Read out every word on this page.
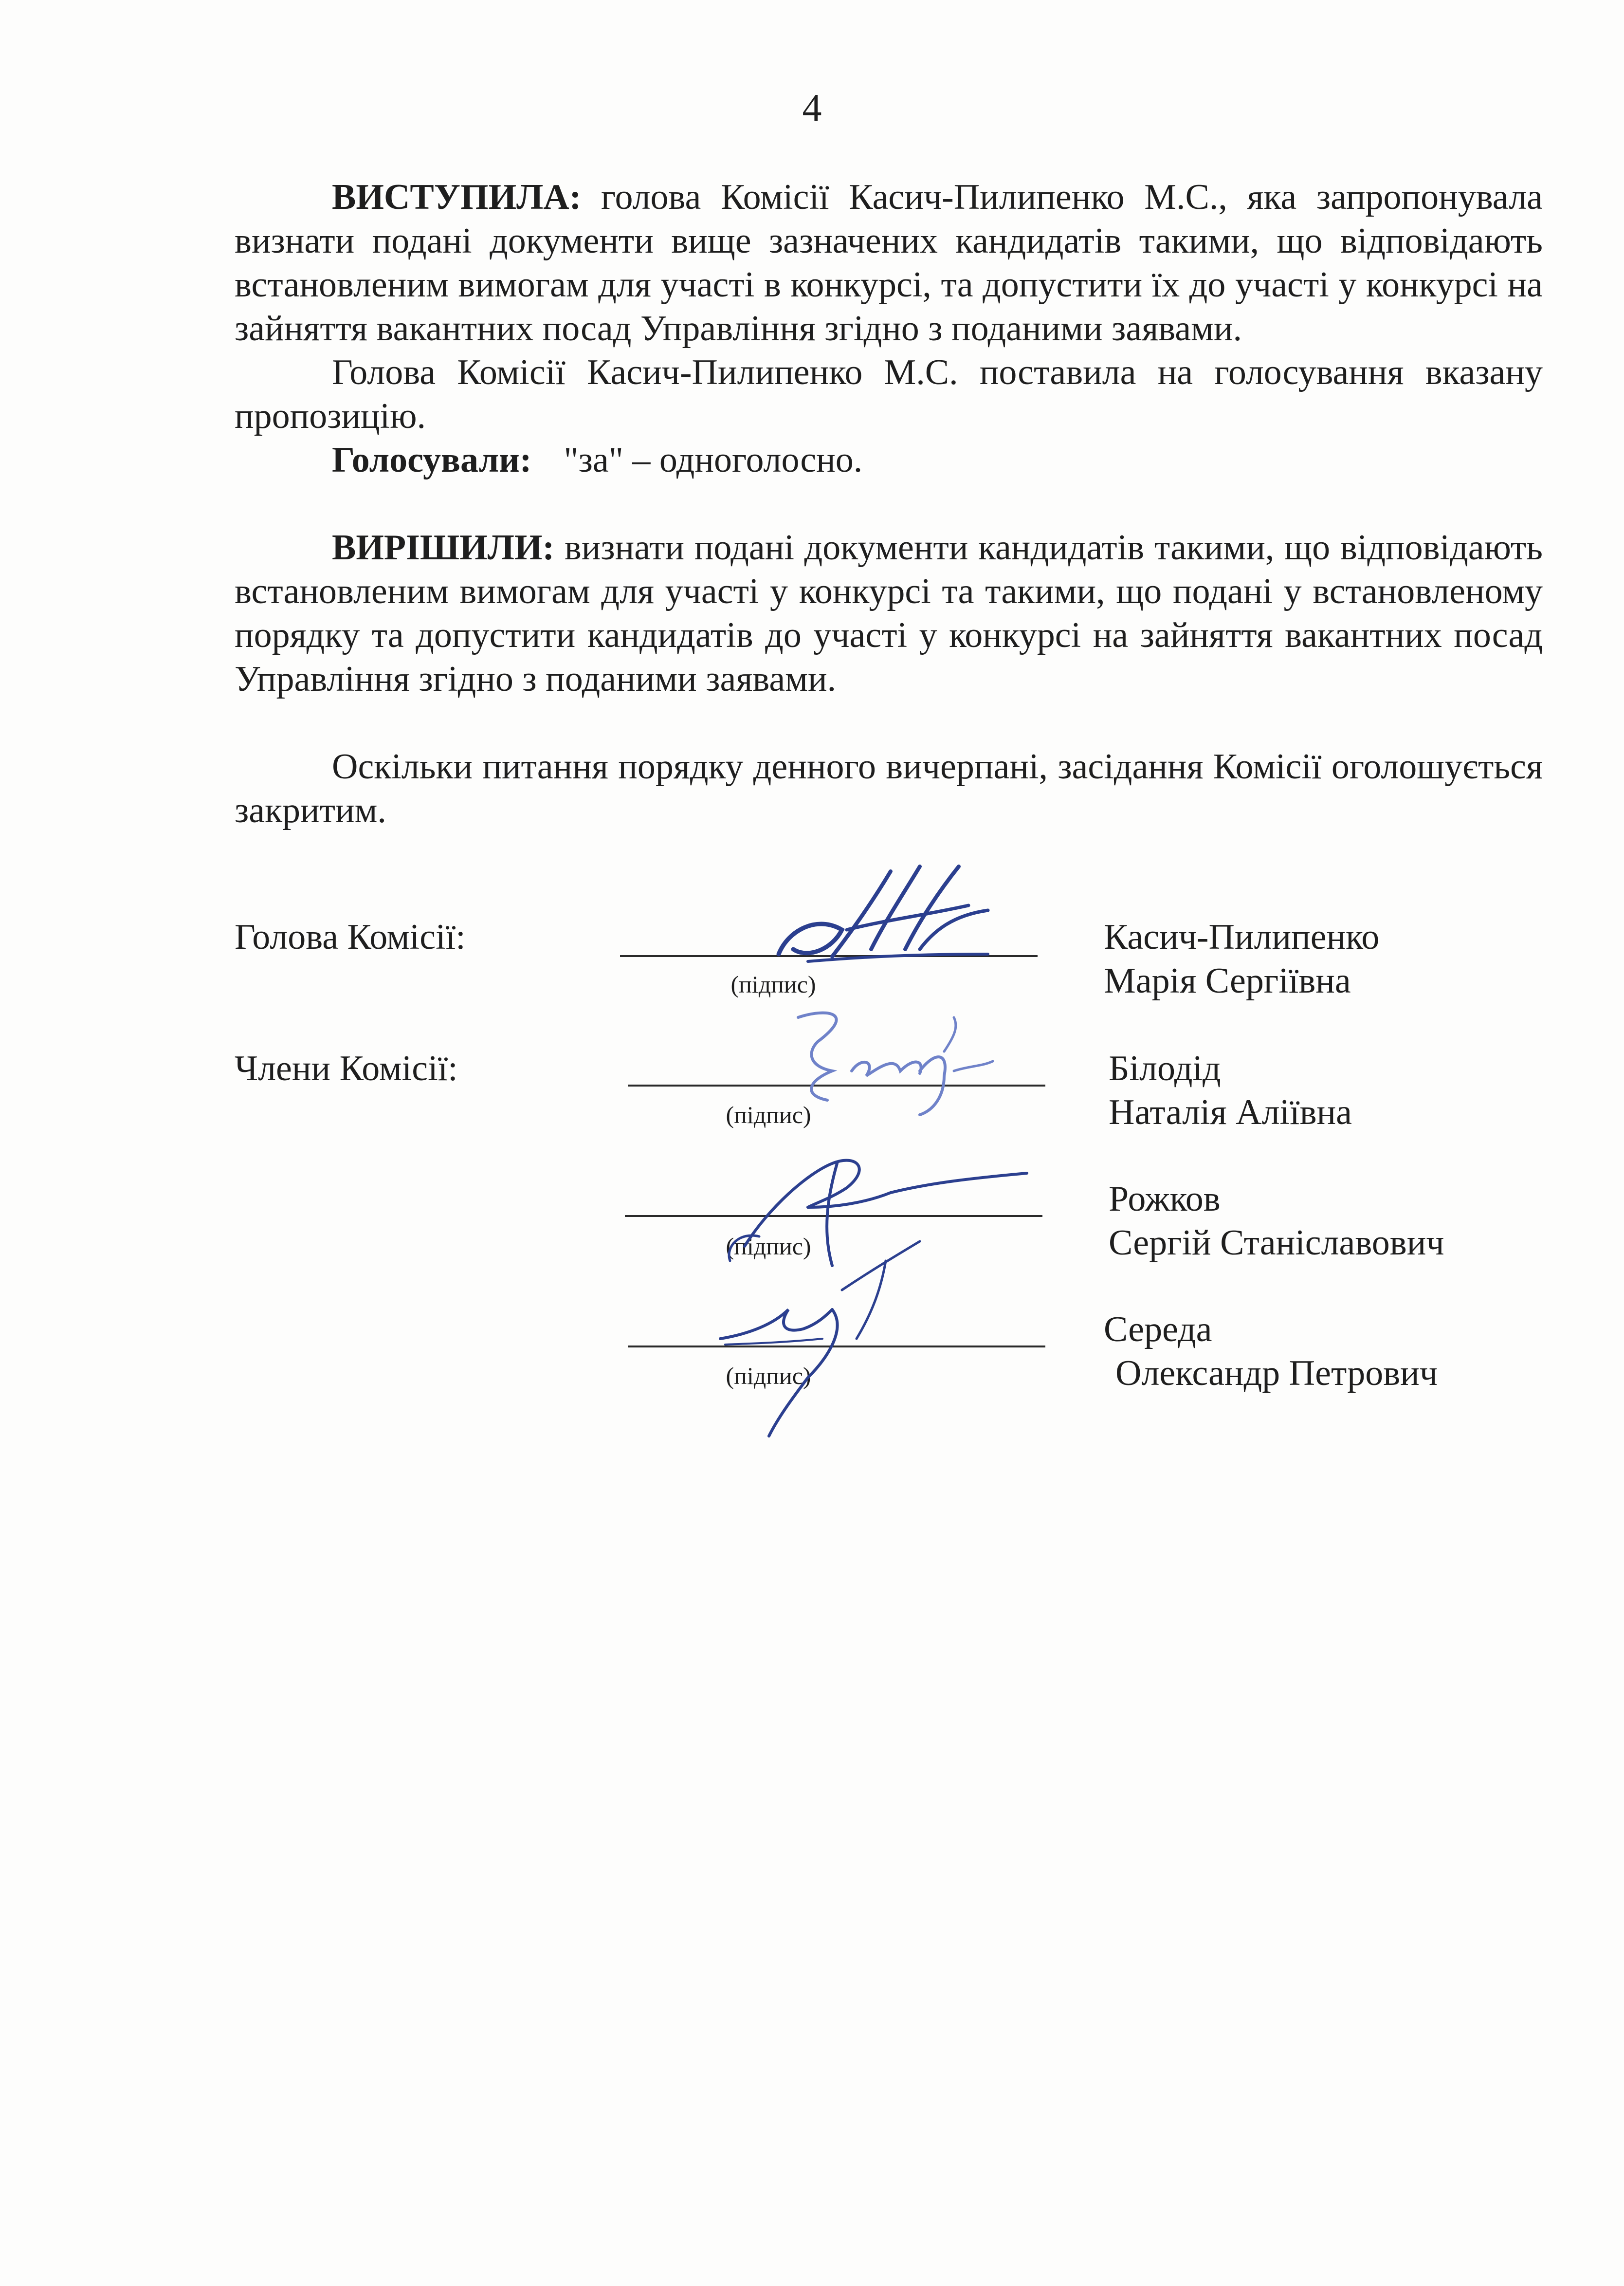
4

ВИСТУПИЛА: голова Комісії Касич-Пилипенко М.С., яка запропонувала визнати подані документи вище зазначених кандидатів такими, що відповідають встановленим вимогам для участі в конкурсі, та допустити їх до участі у конкурсі на зайняття вакантних посад Управління згідно з поданими заявами.

Голова Комісії Касич-Пилипенко М.С. поставила на голосування вказану пропозицію.

Голосували: "за" – одноголосно.

ВИРІШИЛИ: визнати подані документи кандидатів такими, що відповідають встановленим вимогам для участі у конкурсі та такими, що подані у встановленому порядку та допустити кандидатів до участі у конкурсі на зайняття вакантних посад Управління згідно з поданими заявами.

Оскільки питання порядку денного вичерпані, засідання Комісії оголошується закритим.

Голова Комісії:
(підпис)
Касич-Пилипенко
Марія Сергіївна
Члени Комісії:
(підпис)
Білодід
Наталія Аліївна
(підпис)
Рожков
Сергій Станіславович
(підпис)
Середа
Олександр Петрович
